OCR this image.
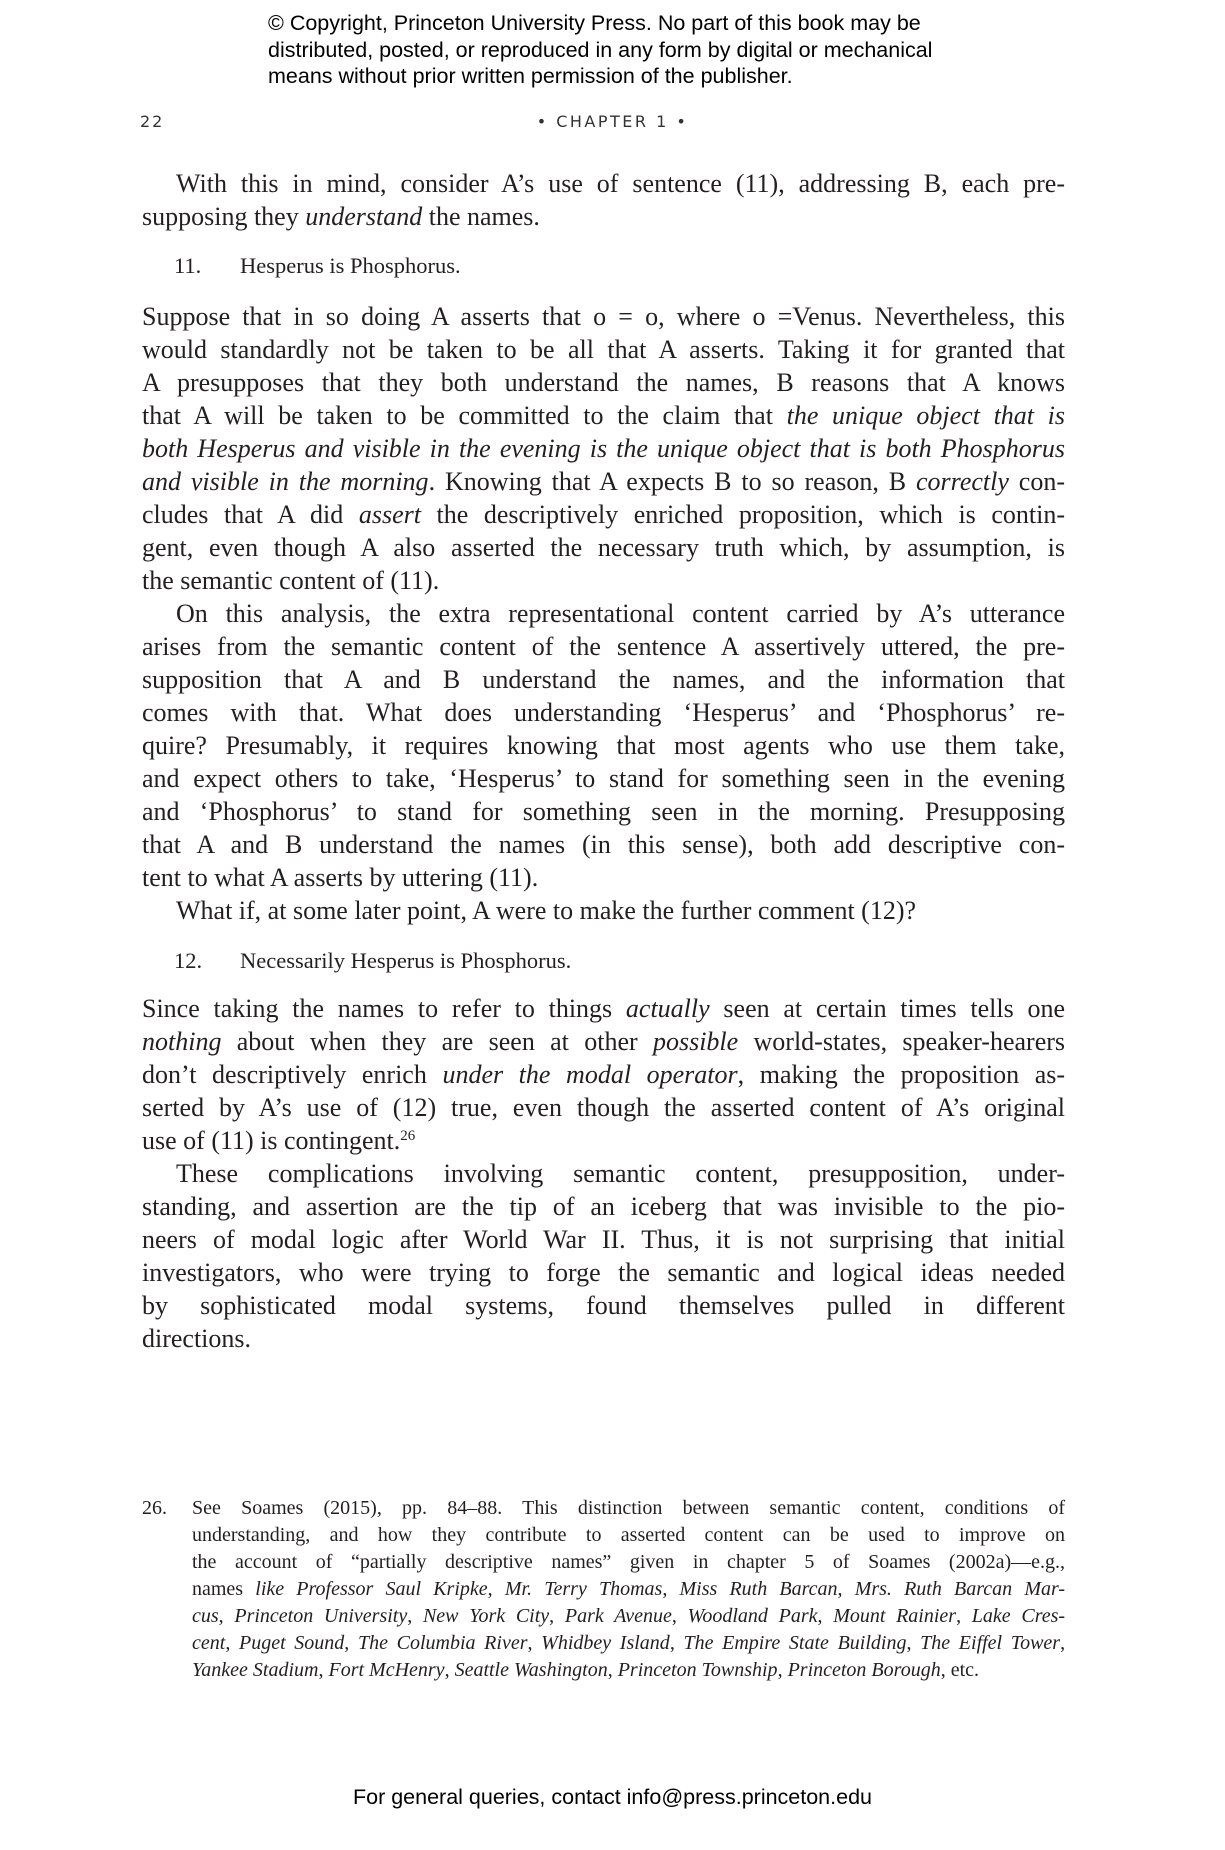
© Copyright, Princeton University Press. No part of this book may be
distributed, posted, or reproduced in any form by digital or mechanical
means without prior written permission of the publisher.
22	• CHAPTER 1 •
With this in mind, consider A’s use of sentence (11), addressing B, each pre-
supposing they understand the names.
11. Hesperus is Phosphorus.
Suppose that in so doing A asserts that o = o, where o =Venus. Nevertheless, this
would standardly not be taken to be all that A asserts. Taking it for granted that
A presupposes that they both understand the names, B reasons that A knows
that A will be taken to be committed to the claim that the unique object that is
both Hesperus and visible in the evening is the unique object that is both Phosphorus
and visible in the morning. Knowing that A expects B to so reason, B correctly con-
cludes that A did assert the descriptively enriched proposition, which is contin-
gent, even though A also asserted the necessary truth which, by assumption, is
the semantic content of (11).
On this analysis, the extra representational content carried by A’s utterance
arises from the semantic content of the sentence A assertively uttered, the pre-
supposition that A and B understand the names, and the information that
comes with that. What does understanding ‘Hesperus’ and ‘Phosphorus’ re-
quire? Presumably, it requires knowing that most agents who use them take,
and expect others to take, ‘Hesperus’ to stand for something seen in the evening
and ‘Phosphorus’ to stand for something seen in the morning. Presupposing
that A and B understand the names (in this sense), both add descriptive con-
tent to what A asserts by uttering (11).
What if, at some later point, A were to make the further comment (12)?
12. Necessarily Hesperus is Phosphorus.
Since taking the names to refer to things actually seen at certain times tells one
nothing about when they are seen at other possible world-states, speaker-hearers
don’t descriptively enrich under the modal operator, making the proposition as-
serted by A’s use of (12) true, even though the asserted content of A’s original
use of (11) is contingent.$^{26}$
These complications involving semantic content, presupposition, under-
standing, and assertion are the tip of an iceberg that was invisible to the pio-
neers of modal logic after World War II. Thus, it is not surprising that initial
investigators, who were trying to forge the semantic and logical ideas needed
by sophisticated modal systems, found themselves pulled in different
directions.
26. See Soames (2015), pp. 84–88. This distinction between semantic content, conditions of
understanding, and how they contribute to asserted content can be used to improve on
the account of “partially descriptive names” given in chapter 5 of Soames (2002a)—e.g.,
names like Professor Saul Kripke, Mr. Terry Thomas, Miss Ruth Barcan, Mrs. Ruth Barcan Mar-
cus, Princeton University, New York City, Park Avenue, Woodland Park, Mount Rainier, Lake Cres-
cent, Puget Sound, The Columbia River, Whidbey Island, The Empire State Building, The Eiffel Tower,
Yankee Stadium, Fort McHenry, Seattle Washington, Princeton Township, Princeton Borough, etc.
For general queries, contact info@press.princeton.edu
